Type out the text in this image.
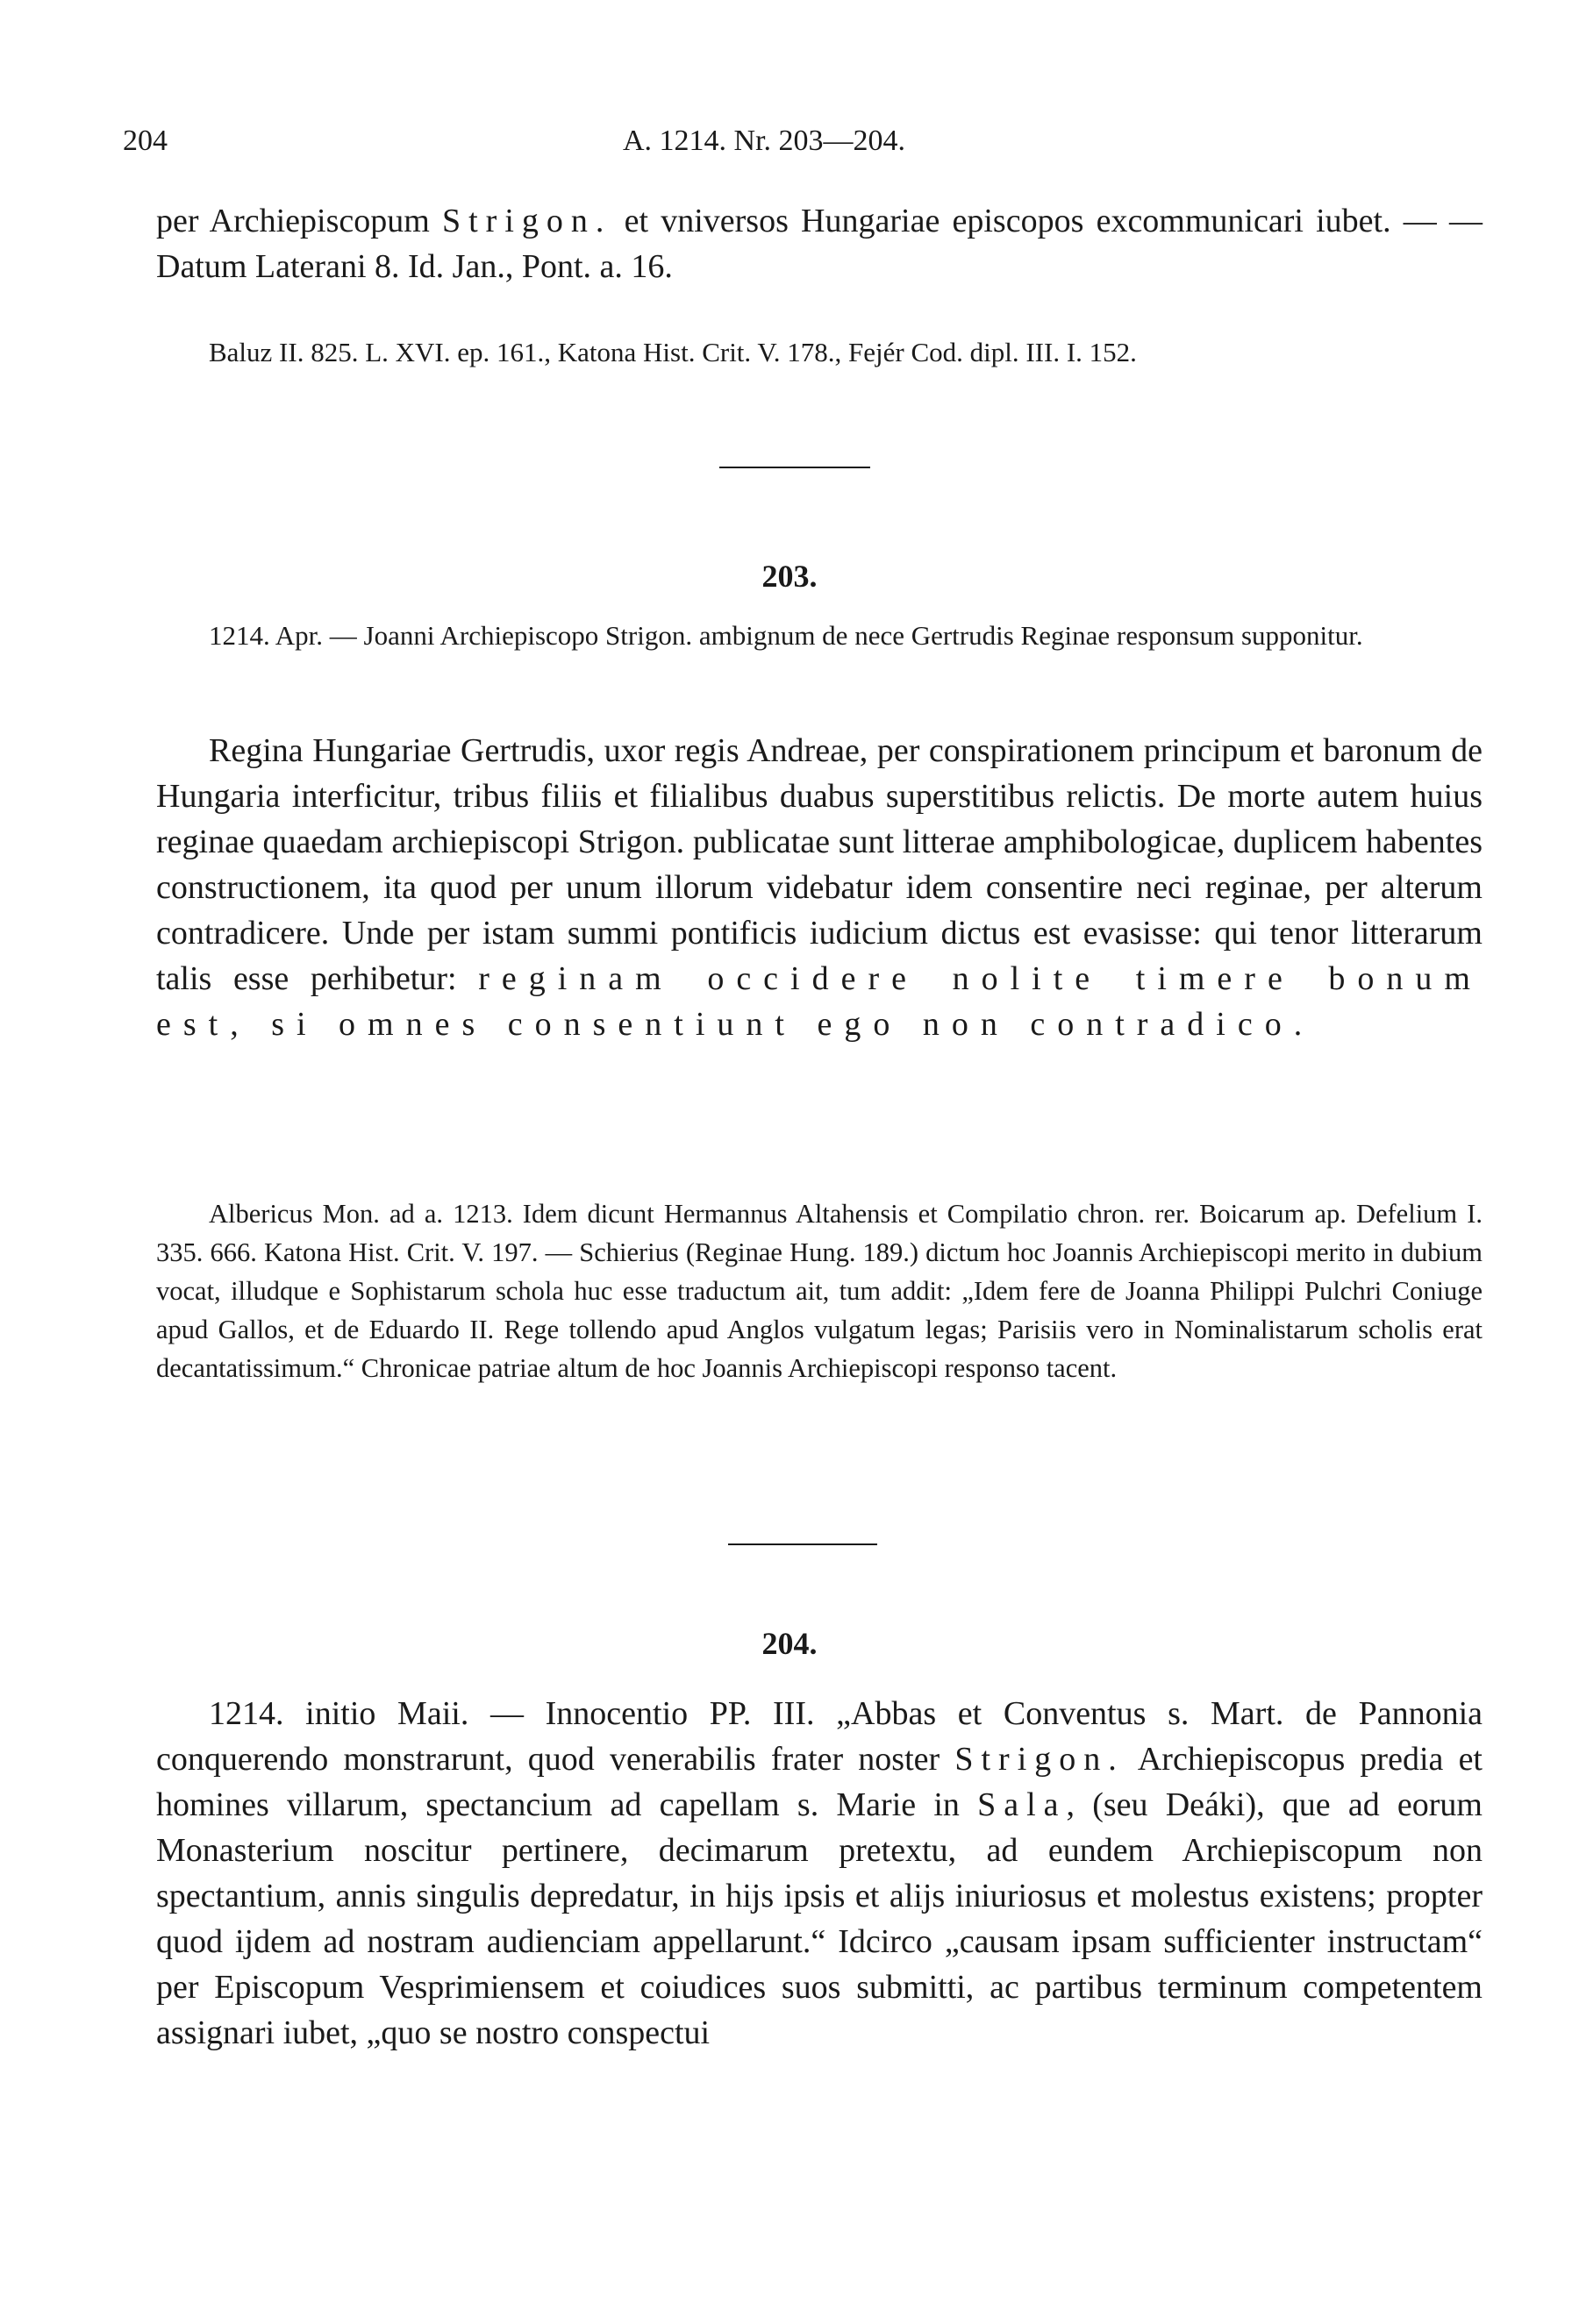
204	A. 1214. Nr. 203—204.

per Archiepiscopum Strigon. et vniversos Hungariae episcopos excommunicari iubet. — — Datum Laterani 8. Id. Jan., Pont. a. 16.

Baluz II. 825. L. XVI. ep. 161., Katona Hist. Crit. V. 178., Fejér Cod. dipl. III. I. 152.

203.

1214. Apr. — Joanni Archiepiscopo Strigon. ambignum de nece Gertrudis Reginae responsum supponitur.

Regina Hungariae Gertrudis, uxor regis Andreae, per conspirationem principum et baronum de Hungaria interficitur, tribus filiis et filialibus duabus superstitibus relictis. De morte autem huius reginae quaedam archiepiscopi Strigon. publicatae sunt litterae amphibologicae, duplicem habentes constructionem, ita quod per unum illorum videbatur idem consentire neci reginae, per alterum contradicere. Unde per istam summi pontificis iudicium dictus est evasisse: qui tenor litterarum talis esse perhibetur: reginam occidere nolite timere bonum est, si omnes consentiunt ego non contradico.

Albericus Mon. ad a. 1213. Idem dicunt Hermannus Altahensis et Compilatio chron. rer. Boicarum ap. Defelium I. 335. 666. Katona Hist. Crit. V. 197. — Schierius (Reginae Hung. 189.) dictum hoc Joannis Archiepiscopi merito in dubium vocat, illudque e Sophistarum schola huc esse traductum ait, tum addit: „Idem fere de Joanna Philippi Pulchri Coniuge apud Gallos, et de Eduardo II. Rege tollendo apud Anglos vulgatum legas; Parisiis vero in Nominalistarum scholis erat decantatissimum.“ Chronicae patriae altum de hoc Joannis Archiepiscopi responso tacent.

204.

1214. initio Maii. — Innocentio PP. III. „Abbas et Conventus s. Mart. de Pannonia conquerendo monstrarunt, quod venerabilis frater noster Strigon. Archiepiscopus predia et homines villarum, spectancium ad capellam s. Marie in Sala, (seu Deáki), que ad eorum Monasterium noscitur pertinere, decimarum pretextu, ad eundem Archiepiscopum non spectantium, annis singulis depredatur, in hijs ipsis et alijs iniuriosus et molestus existens; propter quod ijdem ad nostram audienciam appellarunt.“ Idcirco „causam ipsam sufficienter instructam“ per Episcopum Vesprimiensem et coiudices suos submitti, ac partibus terminum competentem assignari iubet, „quo se nostro conspectui
